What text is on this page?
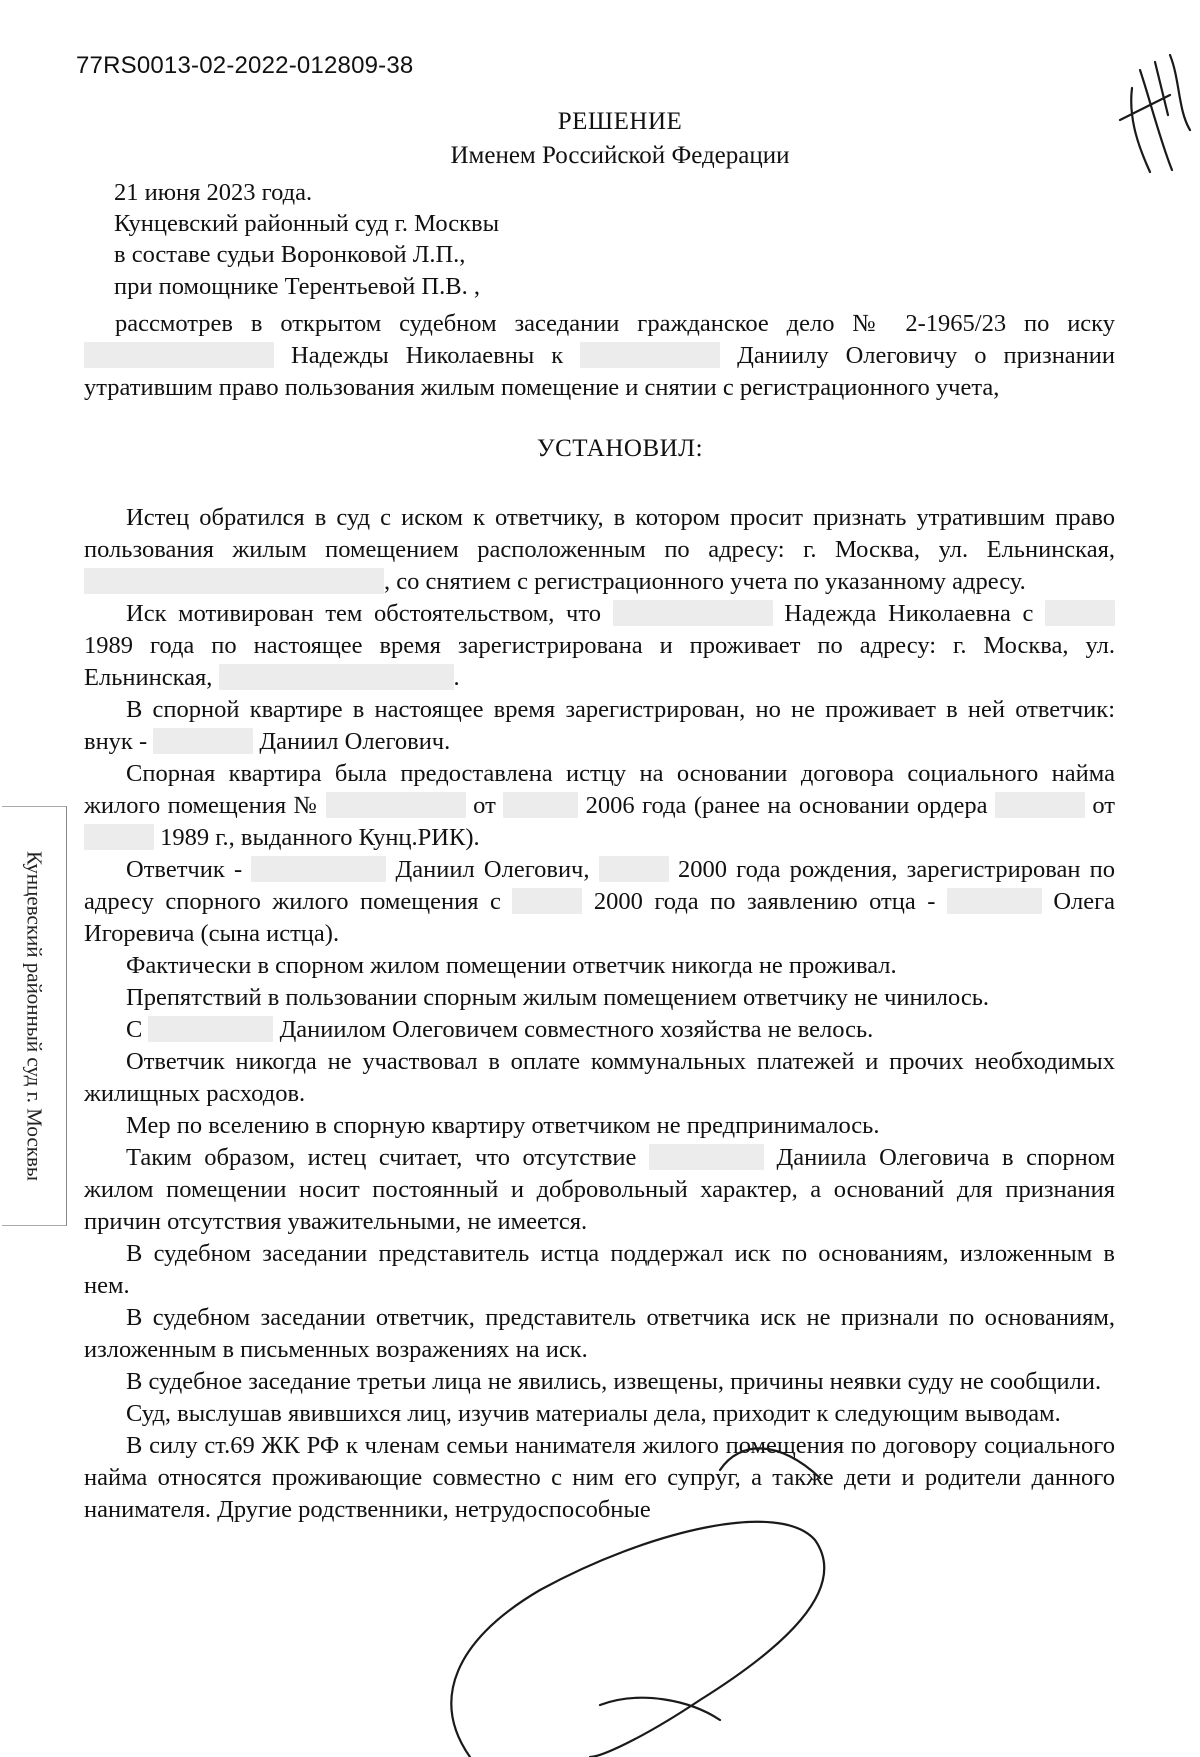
77RS0013-02-2022-012809-38
РЕШЕНИЕ
Именем Российской Федерации
21 июня 2023 года.
Кунцевский районный суд г. Москвы
в составе судьи Воронковой Л.П.,
при помощнике Терентьевой П.В. ,

рассмотрев в открытом судебном заседании гражданское дело № 2-1965/23 по иску  Надежды Николаевны к	Даниилу Олеговичу о признании утратившим право пользования жилым помещение и снятии с регистрационного учета,

УСТАНОВИЛ:

Истец обратился в суд с иском к ответчику, в котором просит признать утратившим право пользования жилым помещением расположенным по адресу: г. Москва, ул. Ельнинская, , со снятием с регистрационного учета по указанному адресу.

Иск мотивирован тем обстоятельством, что	Надежда Николаевна с  1989 года по настоящее время зарегистрирована и проживает по адресу: г. Москва, ул. Ельнинская,	.

В спорной квартире в настоящее время зарегистрирован, но не проживает в ней ответчик: внук -	Даниил Олегович.

Спорная квартира была предоставлена истцу на основании договора социального найма жилого помещения №	от	2006 года (ранее на основании ордера	от  1989 г., выданного Кунц.РИК).

Ответчик -	Даниил Олегович,	2000 года рождения, зарегистрирован по адресу спорного жилого помещения с	2000 года по заявлению отца -	Олега Игоревича (сына истца).

Фактически в спорном жилом помещении ответчик никогда не проживал.

Препятствий в пользовании спорным жилым помещением ответчику не чинилось.

С	Даниилом Олеговичем совместного хозяйства не велось.

Ответчик никогда не участвовал в оплате коммунальных платежей и прочих необходимых жилищных расходов.

Мер по вселению в спорную квартиру ответчиком не предпринималось.

Таким образом, истец считает, что отсутствие	Даниила Олеговича в спорном жилом помещении носит постоянный и добровольный характер, а оснований для признания причин отсутствия уважительными, не имеется.

В судебном заседании представитель истца поддержал иск по основаниям, изложенным в нем.

В судебном заседании ответчик, представитель ответчика иск не признали по основаниям, изложенным в письменных возражениях на иск.

В судебное заседание третьи лица не явились, извещены, причины неявки суду не сообщили.

Суд, выслушав явившихся лиц, изучив материалы дела, приходит к следующим выводам.

В силу ст.69 ЖК РФ к членам семьи нанимателя жилого помещения по договору социального найма относятся проживающие совместно с ним его супруг, а также дети и родители данного нанимателя. Другие родственники, нетрудоспособные

Кунцевский районный суд г. Москвы
